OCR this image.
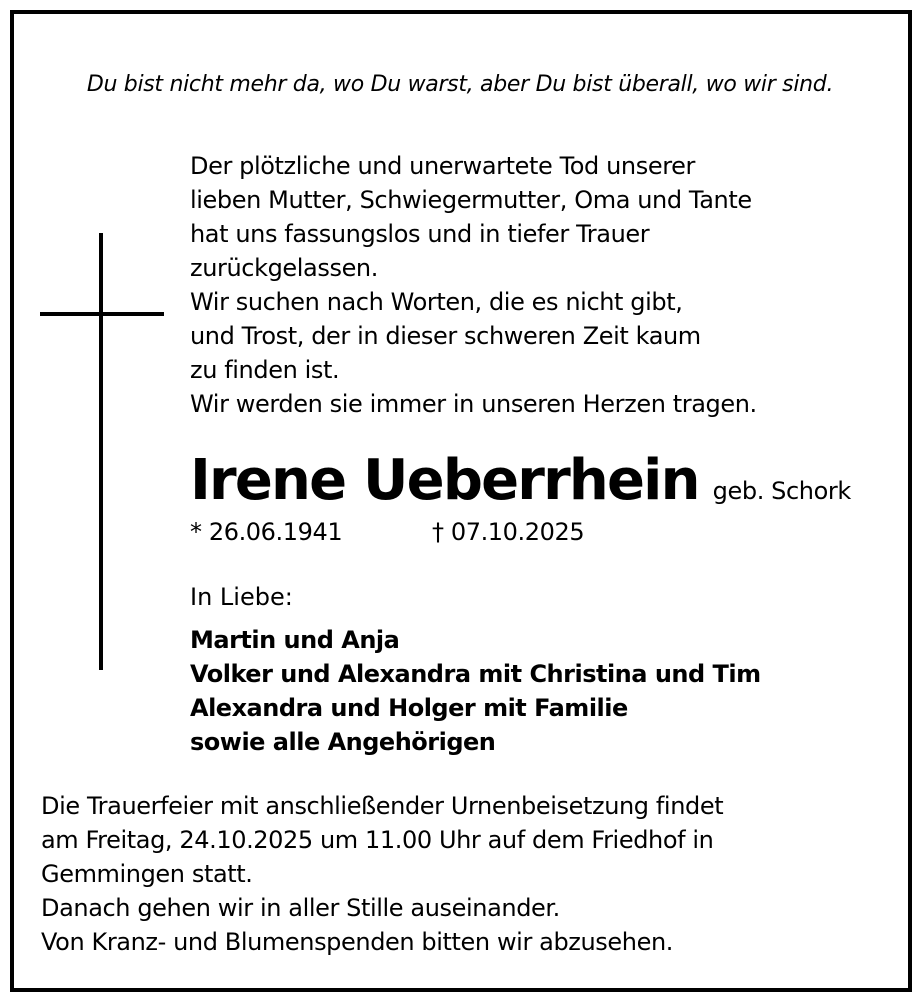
Du bist nicht mehr da, wo Du warst, aber Du bist überall, wo wir sind.
Der plötzliche und unerwartete Tod unserer
lieben Mutter, Schwiegermutter, Oma und Tante
hat uns fassungslos und in tiefer Trauer
zurückgelassen.
Wir suchen nach Worten, die es nicht gibt,
und Trost, der in dieser schweren Zeit kaum
zu finden ist.
Wir werden sie immer in unseren Herzen tragen.
Irene Ueberrhein geb. Schork
* 26.06.1941	† 07.10.2025
In Liebe:
Martin und Anja
Volker und Alexandra mit Christina und Tim
Alexandra und Holger mit Familie
sowie alle Angehörigen
Die Trauerfeier mit anschließender Urnenbeisetzung findet
am Freitag, 24.10.2025 um 11.00 Uhr auf dem Friedhof in
Gemmingen statt.
Danach gehen wir in aller Stille auseinander.
Von Kranz- und Blumenspenden bitten wir abzusehen.
